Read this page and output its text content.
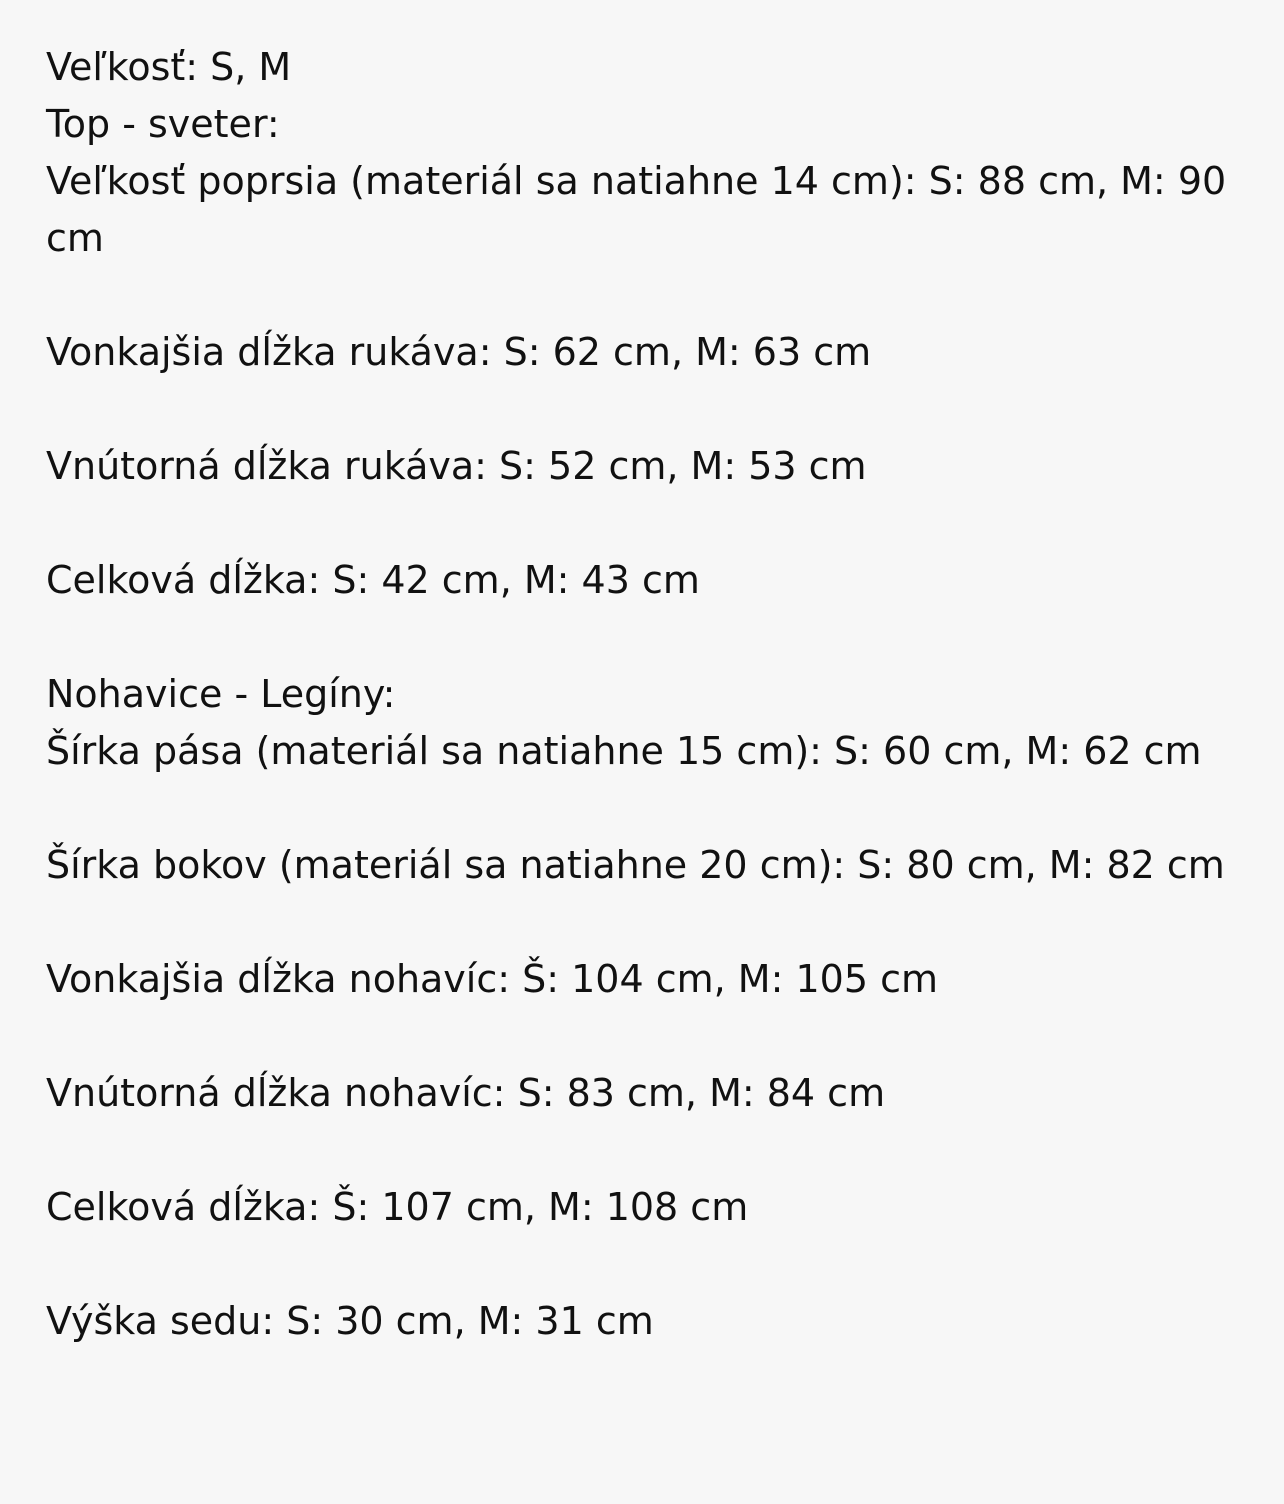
Veľkosť: S, M
Top - sveter:
Veľkosť poprsia (materiál sa natiahne 14 cm): S: 88 cm, M: 90 cm
Vonkajšia dĺžka rukáva: S: 62 cm, M: 63 cm
Vnútorná dĺžka rukáva: S: 52 cm, M: 53 cm
Celková dĺžka: S: 42 cm, M: 43 cm
Nohavice - Legíny:
Šírka pása (materiál sa natiahne 15 cm): S: 60 cm, M: 62 cm
Šírka bokov (materiál sa natiahne 20 cm): S: 80 cm, M: 82 cm
Vonkajšia dĺžka nohavíc: Š: 104 cm, M: 105 cm
Vnútorná dĺžka nohavíc: S: 83 cm, M: 84 cm
Celková dĺžka: Š: 107 cm, M: 108 cm
Výška sedu: S: 30 cm, M: 31 cm
